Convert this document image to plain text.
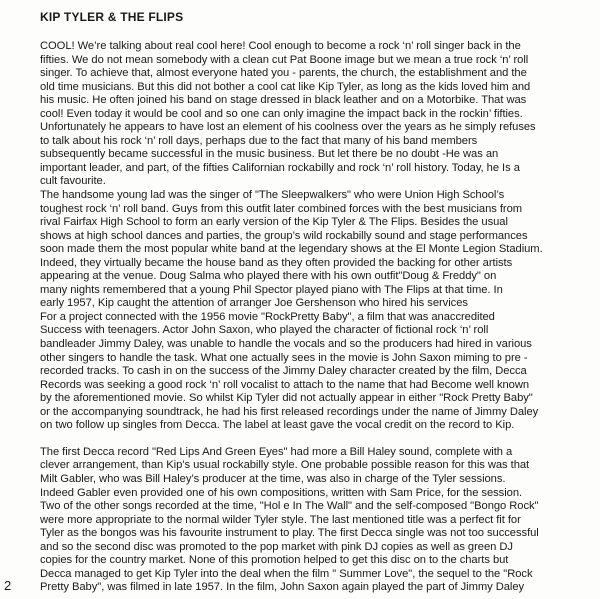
KIP TYLER & THE FLIPS

COOL! We’re talking about real cool here! Cool enough to become a rock ‘n’ roll singer back in the
fifties. We do not mean somebody with a clean cut Pat Boone image but we mean a true rock ‘n’ roll
singer. To achieve that, almost everyone hated you - parents, the church, the establishment and the
old time musicians. But this did not bother a cool cat like Kip Tyler, as long as the kids loved him and
his music. He often joined his band on stage dressed in black leather and on a Motorbike. That was
cool! Even today it would be cool and so one can only imagine the impact back in the rockin’ fifties.
Unfortunately he appears to have lost an element of his coolness over the years as he simply refuses
to talk about his rock ‘n’ roll days, perhaps due to the fact that many of his band members
subsequently became successful in the music business. But let there be no doubt -He was an
important leader, and part, of the fifties Californian rockabilly and rock ‘n’ roll history. Today, he Is a
cult favourite.

The handsome young lad was the singer of "The Sleepwalkers" who were Union High School’s
toughest rock ‘n’ roll band. Guys from this outfit later combined forces with the best musicians from
rival Fairfax High School to form an early version of the Kip Tyler & The Flips. Besides the usual
shows at high school dances and parties, the group’s wild rockabilly sound and stage performances
soon made them the most popular white band at the legendary shows at the El Monte Legion Stadium.
Indeed, they virtually became the house band as they often provided the backing for other artists
appearing at the venue. Doug Salma who played there with his own outfit"Doug & Freddy" on
many nights remembered that a young Phil Spector played piano with The Flips at that time. In
early 1957, Kip caught the attention of arranger Joe Gershenson who hired his services

For a project connected with the 1956 movie "RockPretty Baby", a film that was anaccredited
Success with teenagers. Actor John Saxon, who played the character of fictional rock ‘n’ roll
bandleader Jimmy Daley, was unable to handle the vocals and so the producers had hired in various
other singers to handle the task. What one actually sees in the movie is John Saxon miming to pre -
recorded tracks. To cash in on the success of the Jimmy Daley character created by the film, Decca
Records was seeking a good rock ‘n’ roll vocalist to attach to the name that had Become well known
by the aforementioned movie. So whilst Kip Tyler did not actually appear in either "Rock Pretty Baby"
or the accompanying soundtrack, he had his first released recordings under the name of Jimmy Daley
on two follow up singles from Decca. The label at least gave the vocal credit on the record to Kip.

The first Decca record "Red Lips And Green Eyes" had more a Bill Haley sound, complete with a
clever arrangement, than Kip’s usual rockabilly style. One probable possible reason for this was that
Milt Gabler, who was Bill Haley’s producer at the time, was also in charge of the Tyler sessions.
Indeed Gabler even provided one of his own compositions, written with Sam Price, for the session.
Two of the other songs recorded at the time, "Hol e In The Wall" and the self-composed "Bongo Rock"
were more appropriate to the normal wilder Tyler style. The last mentioned title was a perfect fit for
Tyler as the bongos was his favourite instrument to play. The first Decca single was not too successful
and so the second disc was promoted to the pop market with pink DJ copies as well as green DJ
copies for the country market. None of this promotion helped to get this disc on to the charts but
Decca managed to get Kip Tyler into the deal when the film " Summer Love", the sequel to the "Rock
Pretty Baby", was filmed in late 1957. In the film, John Saxon again played the part of Jimmy Daley

2
